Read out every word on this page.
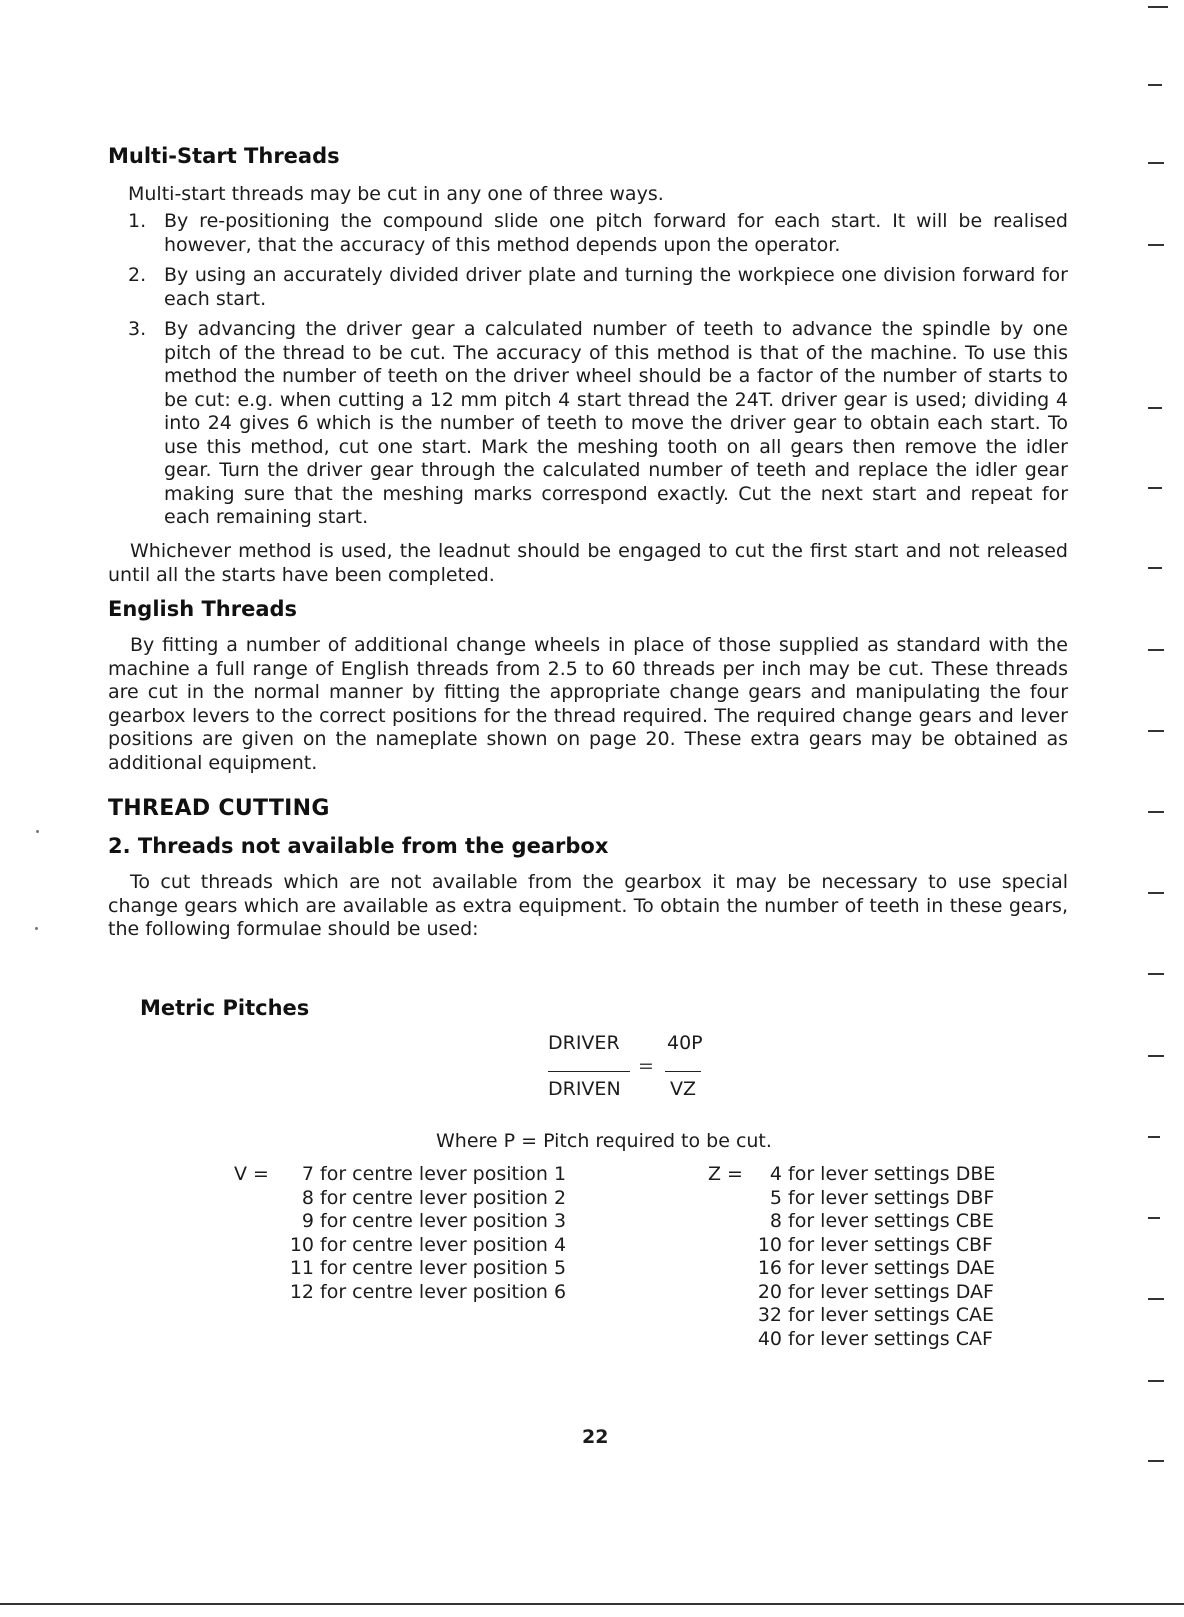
Multi-Start Threads
Multi-start threads may be cut in any one of three ways.
1. By re-positioning the compound slide one pitch forward for each start. It will be realised however, that the accuracy of this method depends upon the operator.
2. By using an accurately divided driver plate and turning the workpiece one division forward for each start.
3. By advancing the driver gear a calculated number of teeth to advance the spindle by one pitch of the thread to be cut. The accuracy of this method is that of the machine. To use this method the number of teeth on the driver wheel should be a factor of the number of starts to be cut: e.g. when cutting a 12 mm pitch 4 start thread the 24T. driver gear is used; dividing 4 into 24 gives 6 which is the number of teeth to move the driver gear to obtain each start. To use this method, cut one start. Mark the meshing tooth on all gears then remove the idler gear. Turn the driver gear through the calculated number of teeth and replace the idler gear making sure that the meshing marks correspond exactly. Cut the next start and repeat for each remaining start.
Whichever method is used, the leadnut should be engaged to cut the first start and not released until all the starts have been completed.
English Threads
By fitting a number of additional change wheels in place of those supplied as standard with the machine a full range of English threads from 2.5 to 60 threads per inch may be cut. These threads are cut in the normal manner by fitting the appropriate change gears and manipulating the four gearbox levers to the correct positions for the thread required. The required change gears and lever positions are given on the nameplate shown on page 20. These extra gears may be obtained as additional equipment.
THREAD CUTTING
2. Threads not available from the gearbox
To cut threads which are not available from the gearbox it may be necessary to use special change gears which are available as extra equipment. To obtain the number of teeth in these gears, the following formulae should be used:
Metric Pitches
DRIVER 40P
=
DRIVEN	VZ
Where P = Pitch required to be cut.
V =	7 for centre lever position 1
8 for centre lever position 2
9 for centre lever position 3
10 for centre lever position 4
11 for centre lever position 5
12 for centre lever position 6
Z =	4 for lever settings DBE
5 for lever settings DBF
8 for lever settings CBE
10 for lever settings CBF
16 for lever settings DAE
20 for lever settings DAF
32 for lever settings CAE
40 for lever settings CAF
22
